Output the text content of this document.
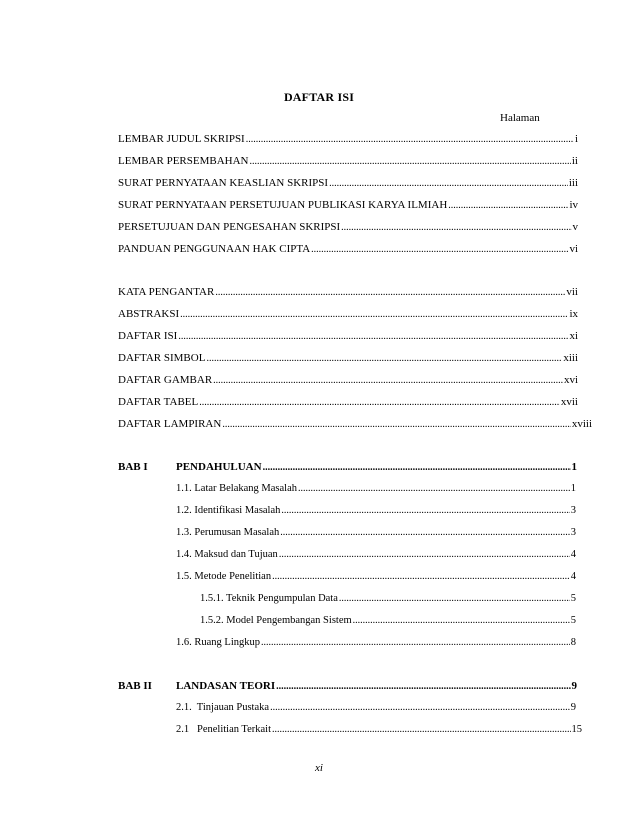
DAFTAR ISI
Halaman
LEMBAR JUDUL SKRIPSI .....	i
LEMBAR PERSEMBAHAN .....	ii
SURAT PERNYATAAN KEASLIAN SKRIPSI .....	iii
SURAT PERNYATAAN PERSETUJUAN PUBLIKASI KARYA ILMIAH .....	iv
PERSETUJUAN DAN PENGESAHAN SKRIPSI .....	v
PANDUAN PENGGUNAAN HAK CIPTA .....	vi
KATA PENGANTAR .....	vii
ABSTRAKSI .....	ix
DAFTAR ISI .....	xi
DAFTAR SIMBOL .....	xiii
DAFTAR GAMBAR .....	xvi
DAFTAR TABEL .....	xvii
DAFTAR LAMPIRAN .....	xviii
BAB I	PENDAHULUAN .....	1
1.1. Latar Belakang Masalah .....	1
1.2. Identifikasi Masalah .....	3
1.3. Perumusan Masalah .....	3
1.4. Maksud dan Tujuan .....	4
1.5. Metode Penelitian .....	4
1.5.1. Teknik Pengumpulan Data .....	5
1.5.2. Model Pengembangan Sistem .....	5
1.6. Ruang Lingkup .....	8
BAB II LANDASAN TEORI .....	9
2.1.  Tinjauan Pustaka .....	9
2.1   Penelitian Terkait .....	15
xi
